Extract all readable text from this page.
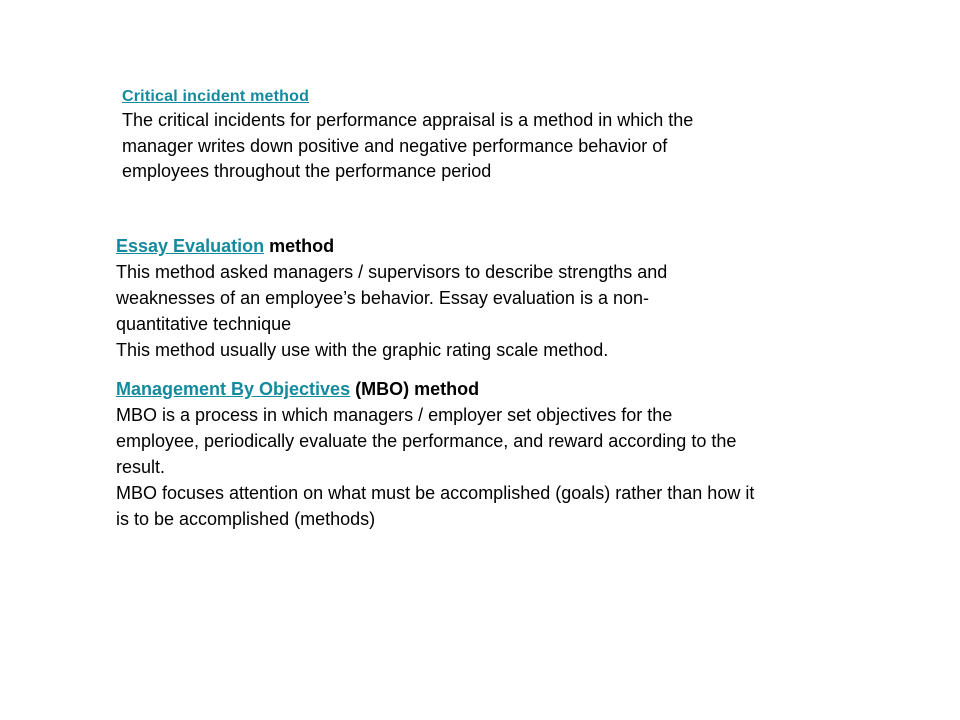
Critical incident method

The critical incidents for performance appraisal is a method in which the manager writes down positive and negative performance behavior of employees throughout the performance period

Essay Evaluation method

This method asked managers / supervisors to describe strengths and weaknesses of an employee’s behavior. Essay evaluation is a non-quantitative technique

This method usually use with the graphic rating scale method.

Management By Objectives (MBO) method

MBO is a process in which managers / employer set objectives for the employee, periodically evaluate the performance, and reward according to the result.

MBO focuses attention on what must be accomplished (goals) rather than how it is to be accomplished (methods)
